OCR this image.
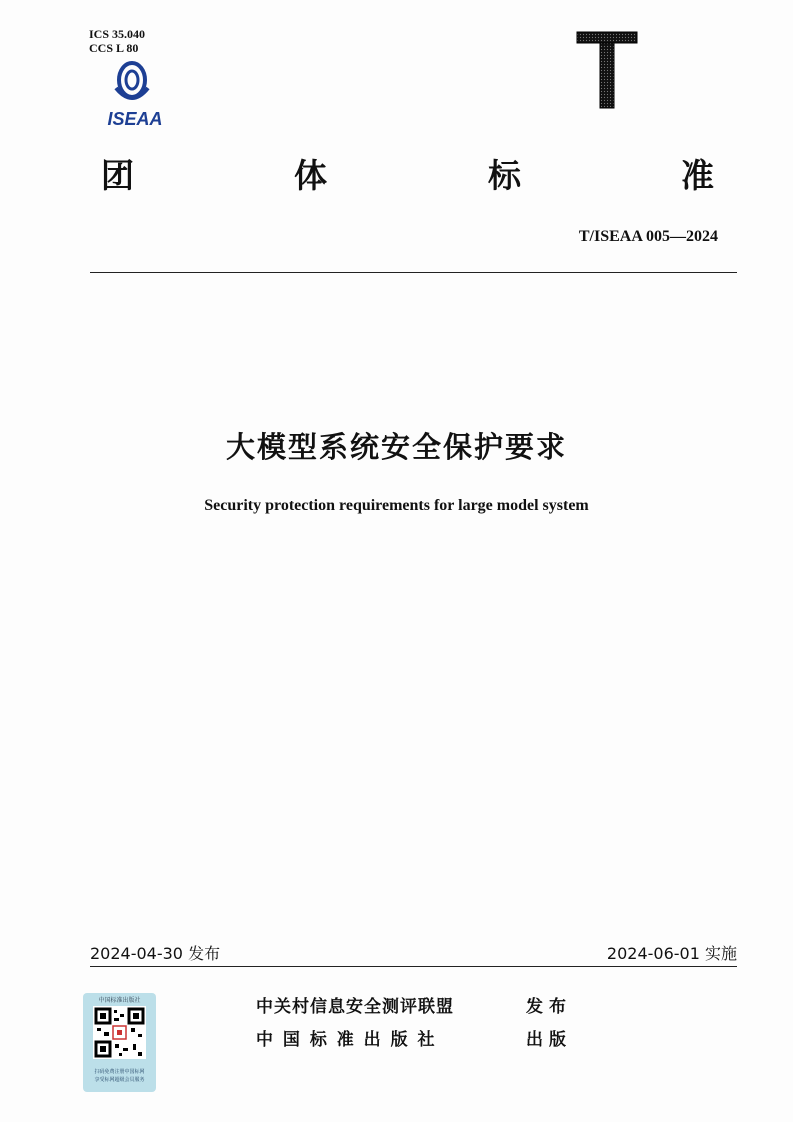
ICS 35.040
CCS L 80
ISEAA
团	体	标	准
T/ISEAA 005—2024
大模型系统安全保护要求
Security protection requirements for large model system
2024-04-30 发布	2024-06-01 实施
中国标准出版社
扫码免费注册中国标网
享受标网超级会员服务
中关村信息安全测评联盟	发布
中 国 标 准 出 版 社	出版
